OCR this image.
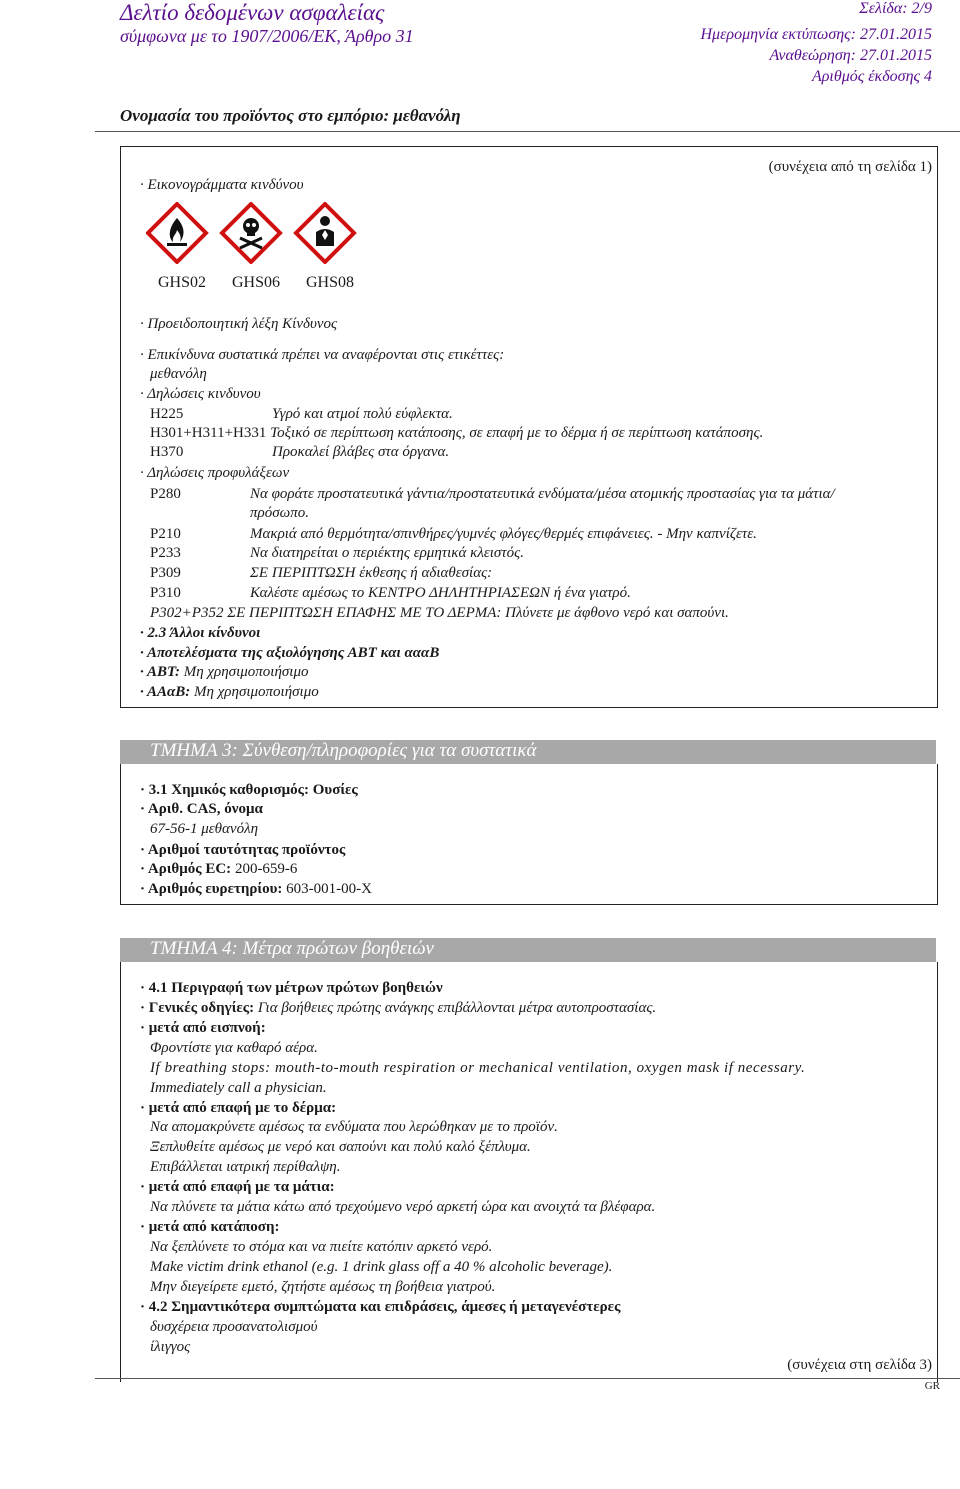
Δελτίο δεδομένων ασφαλείας
σύμφωνα με το 1907/2006/ΕΚ, Άρθρο 31
Σελίδα: 2/9
Ημερομηνία εκτύπωσης: 27.01.2015
Αναθεώρηση: 27.01.2015
Αριθμός έκδοσης 4
Ονομασία του προϊόντος στο εμπόριο: μεθανόλη
· Εικονογράμματα κινδύνου
(συνέχεια από τη σελίδα 1)
GHS02 GHS06 GHS08
· Προειδοποιητική λέξη Κίνδυνος
· Επικίνδυνα συστατικά πρέπει να αναφέρονται στις ετικέττες:
μεθανόλη
· Δηλώσεις κινδυνου
H225	Υγρό και ατμοί πολύ εύφλεκτα.
H301+H311+H331 Τοξικό σε περίπτωση κατάποσης, σε επαφή με το δέρμα ή σε περίπτωση κατάποσης.
H370	Προκαλεί βλάβες στα όργανα.
· Δηλώσεις προφυλάξεων
P280	Να φοράτε προστατευτικά γάντια/προστατευτικά ενδύματα/μέσα ατομικής προστασίας για τα μάτια/
πρόσωπο.
P210	Μακριά από θερμότητα/σπινθήρες/γυμνές φλόγες/θερμές επιφάνειες. - Μην καπνίζετε.
P233	Να διατηρείται ο περιέκτης ερμητικά κλειστός.
P309	ΣΕ ΠΕΡΙΠΤΩΣΗ έκθεσης ή αδιαθεσίας:
P310	Καλέστε αμέσως το ΚΕΝΤΡΟ ΔΗΛΗΤΗΡΙΑΣΕΩΝ ή ένα γιατρό.
P302+P352 ΣΕ ΠΕΡΙΠΤΩΣΗ ΕΠΑΦΗΣ ΜΕ ΤΟ ΔΕΡΜΑ: Πλύνετε με άφθονο νερό και σαπούνι.
· 2.3 Άλλοι κίνδυνοι
· Αποτελέσματα της αξιολόγησης ΑΒΤ και αααΒ
· ΑΒΤ: Μη χρησιμοποιήσιμο
· ΑΑαΒ: Μη χρησιμοποιήσιμο
ΤΜΗΜΑ 3: Σύνθεση/πληροφορίες για τα συστατικά
· 3.1 Χημικός καθορισμός: Ουσίες
· Αριθ. CAS, όνομα
67-56-1 μεθανόλη
· Αριθμοί ταυτότητας προϊόντος
· Αριθμός EC: 200-659-6
· Αριθμός ευρετηρίου: 603-001-00-X
ΤΜΗΜΑ 4: Μέτρα πρώτων βοηθειών
· 4.1 Περιγραφή των μέτρων πρώτων βοηθειών
· Γενικές οδηγίες: Για βοήθειες πρώτης ανάγκης επιβάλλονται μέτρα αυτοπροστασίας.
· μετά από εισπνοή:
Φροντίστε για καθαρό αέρα.
If breathing stops: mouth-to-mouth respiration or mechanical ventilation, oxygen mask if necessary.
Immediately call a physician.
· μετά από επαφή με το δέρμα:
Να απομακρύνετε αμέσως τα ενδύματα που λερώθηκαν με το προϊόν.
Ξεπλυθείτε αμέσως με νερό και σαπούνι και πολύ καλό ξέπλυμα.
Επιβάλλεται ιατρική περίθαλψη.
· μετά από επαφή με τα μάτια:
Να πλύνετε τα μάτια κάτω από τρεχούμενο νερό αρκετή ώρα και ανοιχτά τα βλέφαρα.
· μετά από κατάποση:
Να ξεπλύνετε το στόμα και να πιείτε κατόπιν αρκετό νερό.
Make victim drink ethanol (e.g. 1 drink glass off a 40 % alcoholic beverage).
Μην διεγείρετε εμετό, ζητήστε αμέσως τη βοήθεια γιατρού.
· 4.2 Σημαντικότερα συμπτώματα και επιδράσεις, άμεσες ή μεταγενέστερες
δυσχέρεια προσανατολισμού
ίλιγγος
(συνέχεια στη σελίδα 3)
GR
